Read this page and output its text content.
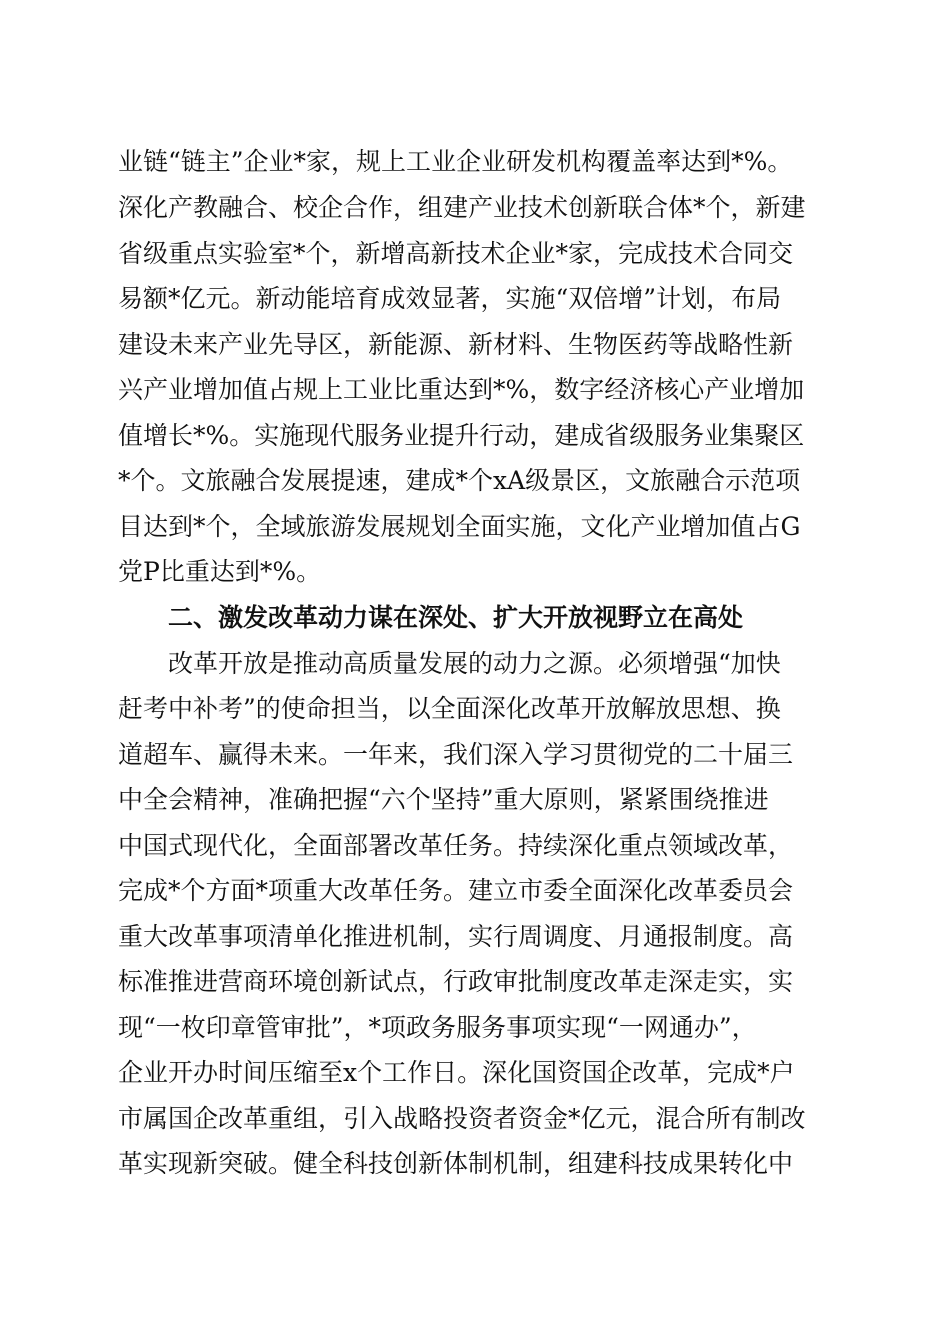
业链“链主”企业*家，规上工业企业研发机构覆盖率达到*%。
深化产教融合、校企合作，组建产业技术创新联合体*个，新建
省级重点实验室*个，新增高新技术企业*家，完成技术合同交
易额*亿元。新动能培育成效显著，实施“双倍增”计划，布局
建设未来产业先导区，新能源、新材料、生物医药等战略性新
兴产业增加值占规上工业比重达到*%，数字经济核心产业增加
值增长*%。实施现代服务业提升行动，建成省级服务业集聚区
*个。文旅融合发展提速，建成*个xA级景区，文旅融合示范项
目达到*个，全域旅游发展规划全面实施，文化产业增加值占G
党P比重达到*%。
二、激发改革动力谋在深处、扩大开放视野立在高处
改革开放是推动高质量发展的动力之源。必须增强“加快
赶考中补考”的使命担当，以全面深化改革开放解放思想、换
道超车、赢得未来。一年来，我们深入学习贯彻党的二十届三
中全会精神，准确把握“六个坚持”重大原则，紧紧围绕推进
中国式现代化，全面部署改革任务。持续深化重点领域改革，
完成*个方面*项重大改革任务。建立市委全面深化改革委员会
重大改革事项清单化推进机制，实行周调度、月通报制度。高
标准推进营商环境创新试点，行政审批制度改革走深走实，实
现“一枚印章管审批”，*项政务服务事项实现“一网通办”，
企业开办时间压缩至x个工作日。深化国资国企改革，完成*户
市属国企改革重组，引入战略投资者资金*亿元，混合所有制改
革实现新突破。健全科技创新体制机制，组建科技成果转化中
